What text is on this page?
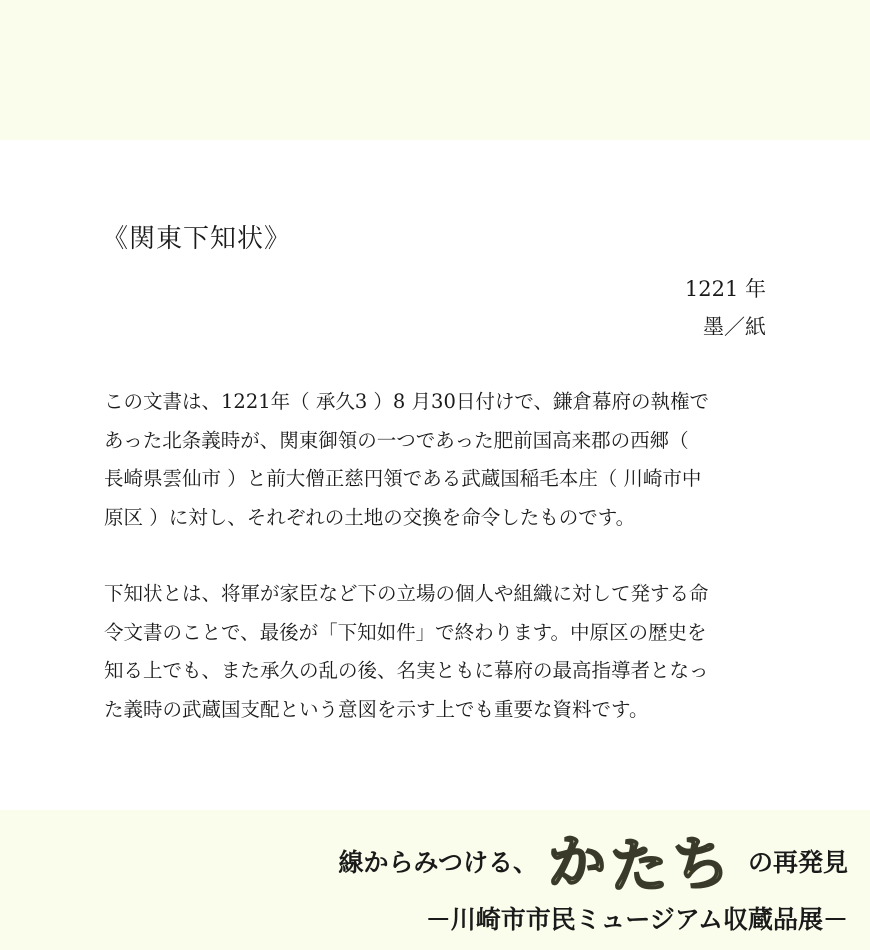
《関東下知状》
1221 年
墨／紙

この文書は、1221年（ 承久3 ）8 月30日付けで、鎌倉幕府の執権で
あった北条義時が、関東御領の一つであった肥前国高来郡の西郷（
長崎県雲仙市 ）と前大僧正慈円領である武蔵国稲毛本庄（ 川崎市中
原区 ）に対し、それぞれの土地の交換を命令したものです。

下知状とは、将軍が家臣など下の立場の個人や組織に対して発する命
令文書のことで、最後が「下知如件」で終わります。中原区の歴史を
知る上でも、また承久の乱の後、名実ともに幕府の最高指導者となっ
た義時の武蔵国支配という意図を示す上でも重要な資料です。

線からみつける、 か た ち の再発見
－川崎市市民ミュージアム収蔵品展－
